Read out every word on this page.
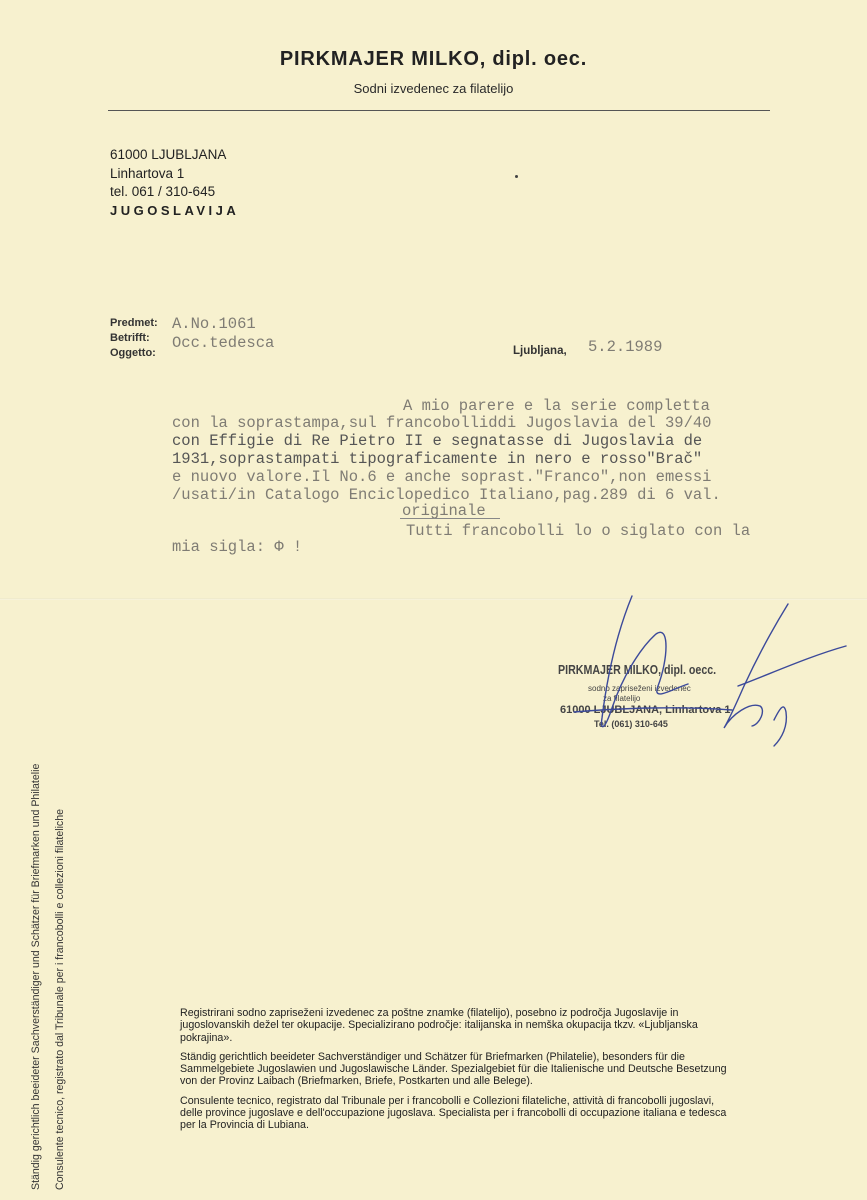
PIRKMAJER MILKO, dipl. oec.
Sodni izvedenec za filatelijo
61000 LJUBLJANA
Linhartova 1
tel. 061 / 310-645
JUGOSLAVIJA
Predmet:
Betrifft:
Oggetto:
A.No.1061
Occ.tedesca	Ljubljana, 5.2.1989
A mio parere e la serie completta
con la soprastampa,sul francobolliddi Jugoslavia del 39/40
con Effigie di Re Pietro II e segnatasse di Jugoslavia de
1931,soprastampati tipograficamente in nero e rosso"Brač"
e nuovo valore.Il No.6 e anche soprast."Franco",non emessi
/usati/in Catalogo Enciclopedico Italiano,pag.289 di 6 val.
originale
Tutti francobolli lo o siglato con la
mia sigla: Φ !
PIRKMAJER MILKO, dipl. oecc.
sodno zapriseženi izvedenec
za filatelijo
61000 LJUBLJANA, Linhartova 1
Tel. (061) 310-645
Ständig gerichtlich beeideter Sachverständiger und Schätzer für Briefmarken und Philatelie Consulente tecnico, registrato dal Tribunale per i francobolli e collezioni filateliche	Registrirani sodno zapriseženi izvedenec za poštne znamke (filatelijo), posebno iz področja Jugoslavije in jugoslovanskih dežel ter okupacije. Specializirano področje: italijanska in nemška okupacija tkzv. «Ljubljanska pokrajina».

Ständig gerichtlich beeideter Sachverständiger und Schätzer für Briefmarken (Philatelie), besonders für die Sammelgebiete Jugoslawien und Jugoslawische Länder. Spezialgebiet für die Italienische und Deutsche Besetzung von der Provinz Laibach (Briefmarken, Briefe, Postkarten und alle Belege).

Consulente tecnico, registrato dal Tribunale per i francobolli e Collezioni filateliche, attività di francobolli jugoslavi, delle province jugoslave e dell'occupazione jugoslava. Specialista per i francobolli di occupazione italiana e tedesca per la Provincia di Lubiana.
